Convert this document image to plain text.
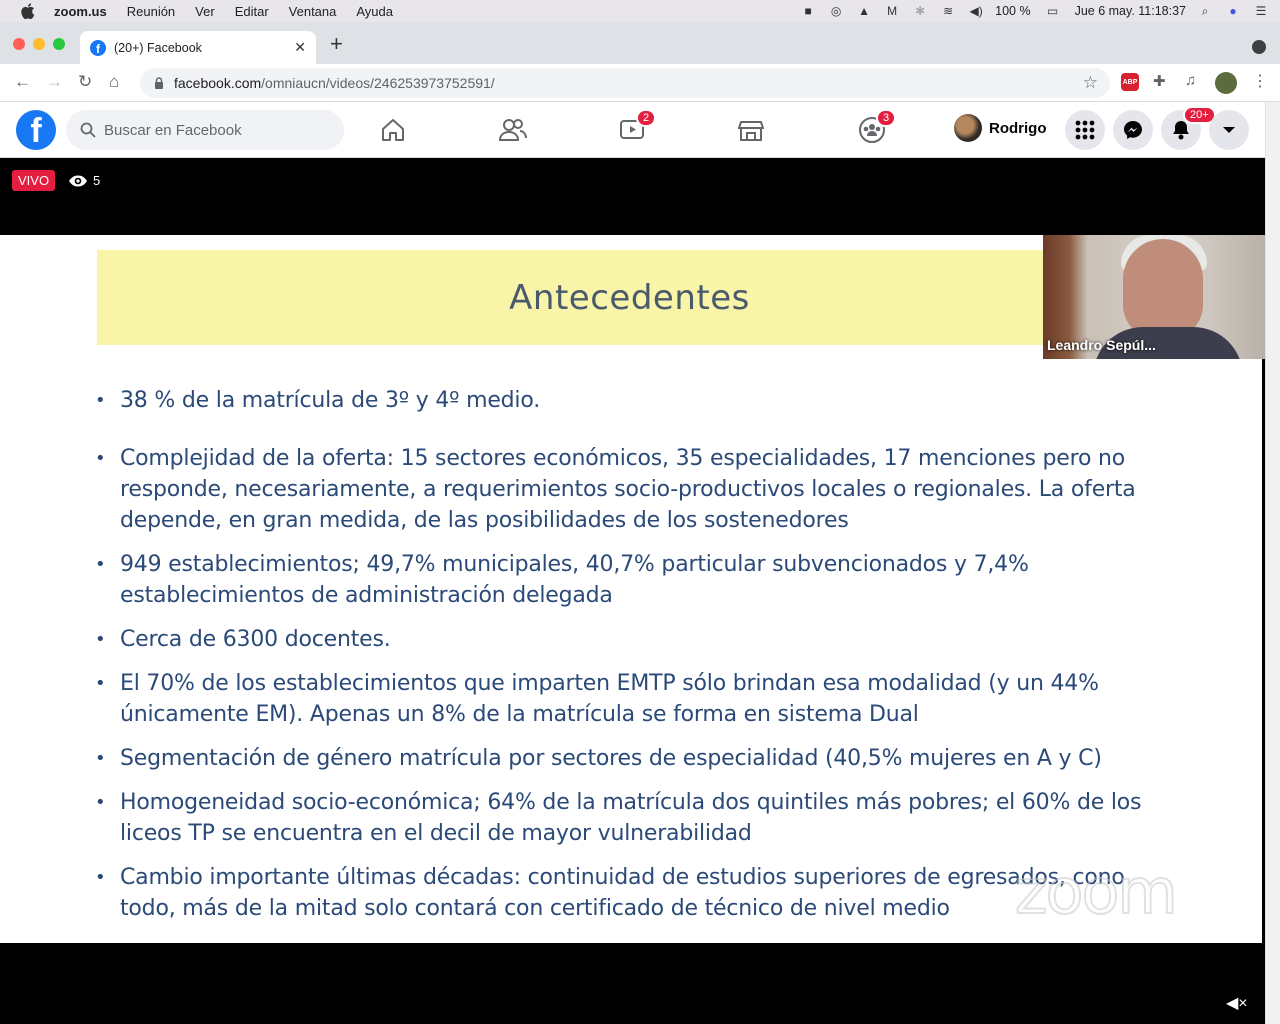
zoom.us Reunión Ver Editar Ventana Ayuda	■	◎	▲	M	✱	≋	◀) 100 %	▭	Jue 6 may. 11:18:37	⌕	●	☰
f	(20+) Facebook	✕ +
← → ↻ ⌂	facebook.com/omniaucn/videos/246253973752591/	☆	ABP ✚ ♫	⋮
f
Buscar en Facebook	2	3
Rodrigo
20+
VIVO	5
Antecedentes
• 38 % de la matrícula de 3º y 4º medio.
• Complejidad de la oferta: 15 sectores económicos, 35 especialidades, 17 menciones pero no responde, necesariamente, a requerimientos socio-productivos locales o regionales. La oferta depende, en gran medida, de las posibilidades de los sostenedores
• 949 establecimientos; 49,7% municipales, 40,7% particular subvencionados y 7,4% establecimientos de administración delegada
• Cerca de 6300 docentes.
• El 70% de los establecimientos que imparten EMTP sólo brindan esa modalidad (y un 44% únicamente EM). Apenas un 8% de la matrícula se forma en sistema Dual
• Segmentación de género matrícula por sectores de especialidad (40,5% mujeres en A y C)
• Homogeneidad socio-económica; 64% de la matrícula dos quintiles más pobres; el 60% de los liceos TP se encuentra en el decil de mayor vulnerabilidad
• Cambio importante últimas décadas: continuidad de estudios superiores de egresados, cono todo, más de la mitad solo contará con certificado de técnico de nivel medio	zoom
Leandro Sepúl...
◀×
